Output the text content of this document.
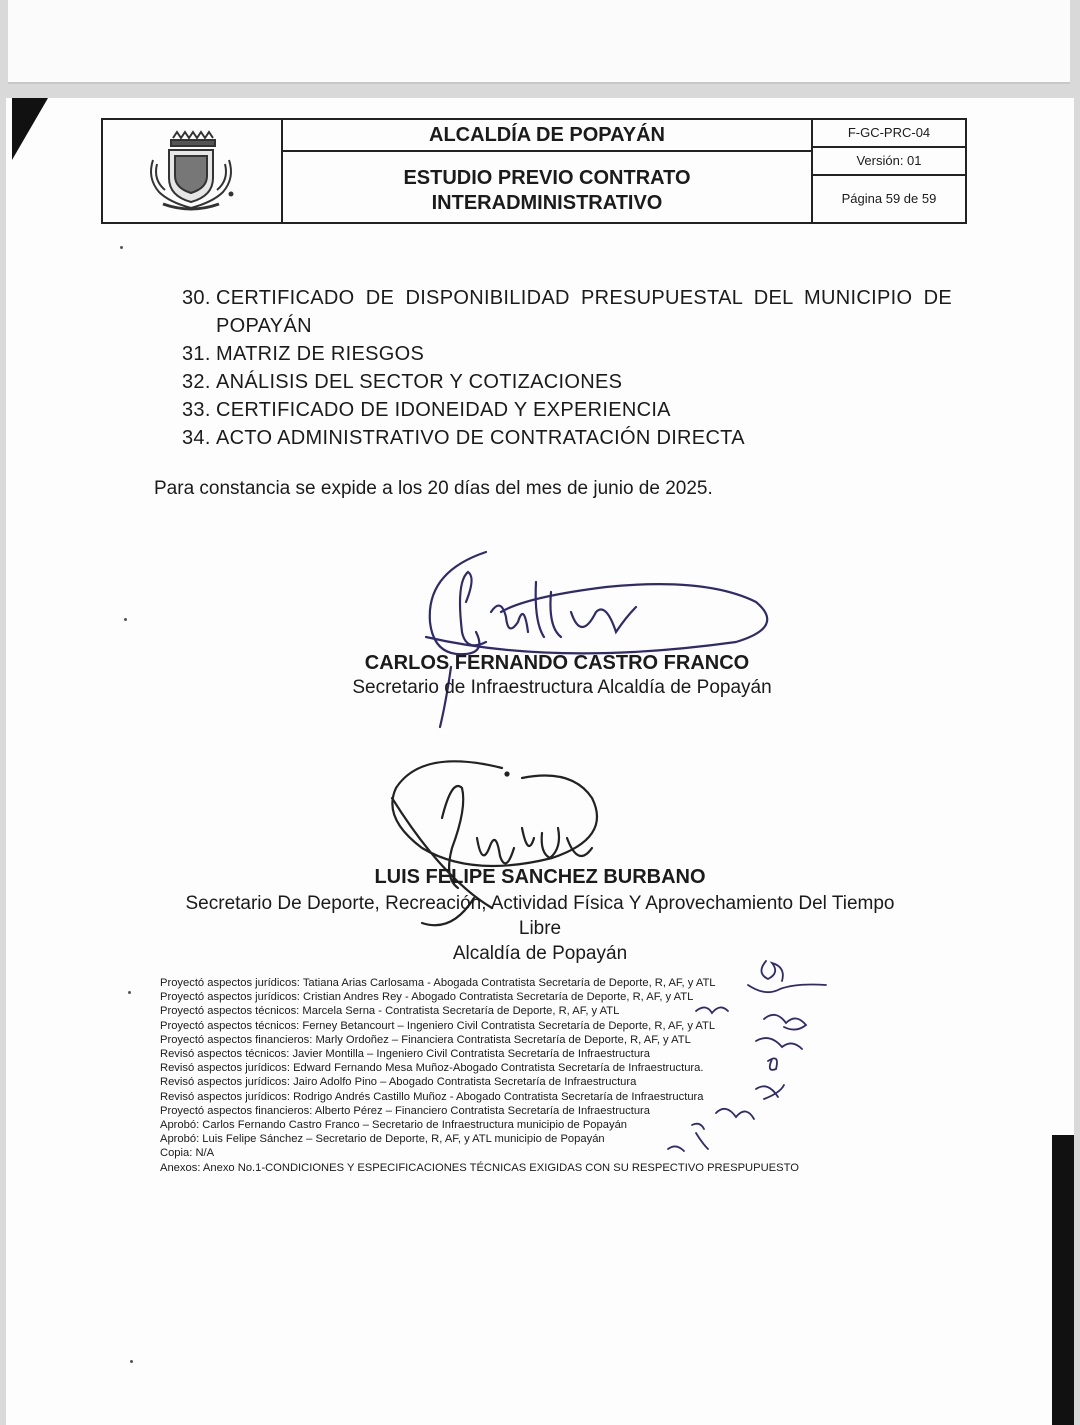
ALCALDÍA DE POPAYÁN
ESTUDIO PREVIO CONTRATO
INTERADMINISTRATIVO
F-GC-PRC-04
Versión: 01
Página 59 de 59
30. CERTIFICADO DE DISPONIBILIDAD PRESUPUESTAL DEL MUNICIPIO DE POPAYÁN
31. MATRIZ DE RIESGOS
32. ANÁLISIS DEL SECTOR Y COTIZACIONES
33. CERTIFICADO DE IDONEIDAD Y EXPERIENCIA
34. ACTO ADMINISTRATIVO DE CONTRATACIÓN DIRECTA
Para constancia se expide a los 20 días del mes de junio de 2025.
CARLOS FERNANDO CASTRO FRANCO
Secretario de Infraestructura Alcaldía de Popayán
LUIS FELIPE SANCHEZ BURBANO
Secretario De Deporte, Recreación, Actividad Física Y Aprovechamiento Del Tiempo
Libre
Alcaldía de Popayán
Proyectó aspectos jurídicos: Tatiana Arias Carlosama - Abogada Contratista Secretaría de Deporte, R, AF, y ATL
Proyectó aspectos jurídicos: Cristian Andres Rey - Abogado Contratista Secretaría de Deporte, R, AF, y ATL
Proyectó aspectos técnicos: Marcela Serna - Contratista Secretaría de Deporte, R, AF, y ATL
Proyectó aspectos técnicos: Ferney Betancourt – Ingeniero Civil Contratista Secretaría de Deporte, R, AF, y ATL
Proyectó aspectos financieros: Marly Ordoñez – Financiera Contratista Secretaría de Deporte, R, AF, y ATL
Revisó aspectos técnicos: Javier Montilla – Ingeniero Civil Contratista Secretaría de Infraestructura
Revisó aspectos jurídicos: Edward Fernando Mesa Muñoz-Abogado Contratista Secretaría de Infraestructura.
Revisó aspectos jurídicos: Jairo Adolfo Pino – Abogado Contratista Secretaría de Infraestructura
Revisó aspectos jurídicos: Rodrigo Andrés Castillo Muñoz - Abogado Contratista Secretaría de Infraestructura
Proyectó aspectos financieros: Alberto Pérez – Financiero Contratista Secretaría de Infraestructura
Aprobó: Carlos Fernando Castro Franco – Secretario de Infraestructura municipio de Popayán
Aprobó: Luis Felipe Sánchez – Secretario de Deporte, R, AF, y ATL municipio de Popayán
Copia: N/A
Anexos: Anexo No.1-CONDICIONES Y ESPECIFICACIONES TÉCNICAS EXIGIDAS CON SU RESPECTIVO PRESPUPUESTO
